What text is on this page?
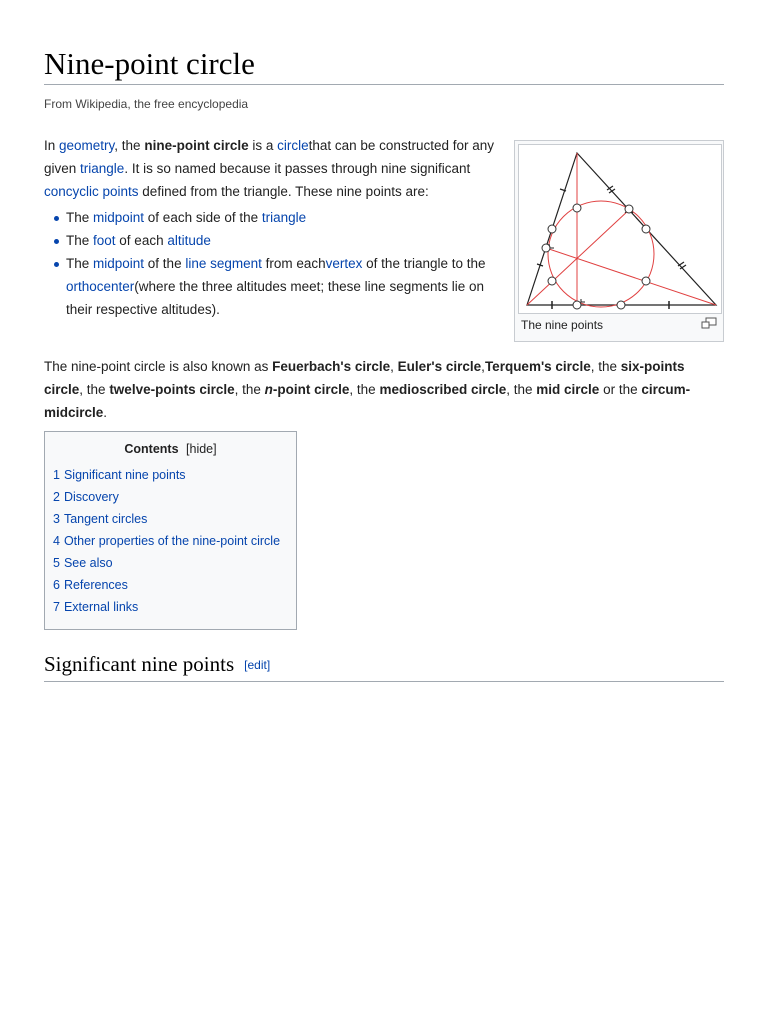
Nine-point circle
From Wikipedia, the free encyclopedia

In geometry, the nine-point circle is a circlethat can be constructed for any given triangle. It is so named because it passes through nine significant concyclic points defined from the triangle. These nine points are:

The midpoint of each side of the triangle
The foot of each altitude
The midpoint of the line segment from eachvertex of the triangle to the orthocenter(where the three altitudes meet; these line segments lie on their respective altitudes).
The nine points
The nine-point circle is also known as Feuerbach's circle, Euler's circle,Terquem's circle, the six-points circle, the twelve-points circle, the n-point circle, the medioscribed circle, the mid circle or the circum-midcircle.
Contents [hide]
1 Significant nine points
2 Discovery
3 Tangent circles
4 Other properties of the nine-point circle
5 See also
6 References
7 External links
Significant nine points [edit]
